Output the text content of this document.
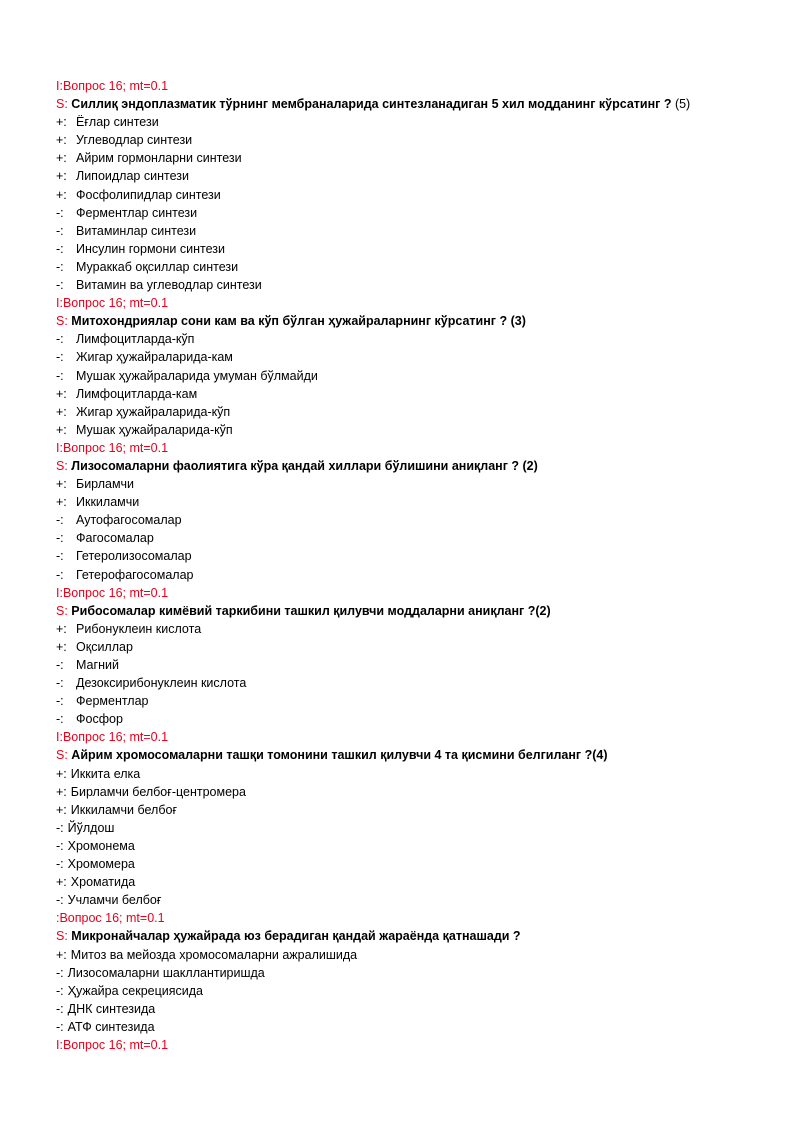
I:Вопрос 16; mt=0.1
S: Силлиқ эндоплазматик тўрнинг мембраналарида синтезланадиган 5 хил модданинг кўрсатинг ? (5)
+: Ёғлар синтези
+: Углеводлар синтези
+: Айрим гормонларни синтези
+: Липоидлар синтези
+: Фосфолипидлар синтези
-: Ферментлар синтези
-: Витаминлар синтези
-: Инсулин гормони синтези
-: Мураккаб оқсиллар синтези
-: Витамин ва углеводлар синтези
I:Вопрос 16; mt=0.1
S: Митохондриялар сони кам ва кўп бўлган ҳужайраларнинг кўрсатинг ? (3)
-: Лимфоцитларда-кўп
-: Жигар ҳужайраларида-кам
-: Мушак ҳужайраларида умуман бўлмайди
+: Лимфоцитларда-кам
+: Жигар ҳужайраларида-кўп
+: Мушак ҳужайраларида-кўп
I:Вопрос 16; mt=0.1
S: Лизосомаларни фаолиятига кўра қандай хиллари бўлишини аниқланг ? (2)
+: Бирламчи
+: Иккиламчи
-: Аутофагосомалар
-: Фагосомалар
-: Гетеролизосомалар
-: Гетерофагосомалар
I:Вопрос 16; mt=0.1
S: Рибосомалар кимёвий таркибини ташкил қилувчи моддаларни аниқланг ?(2)
+: Рибонуклеин кислота
+: Оқсиллар
-: Магний
-: Дезоксирибонуклеин кислота
-: Ферментлар
-: Фосфор
I:Вопрос 16; mt=0.1
S: Айрим хромосомаларни ташқи томонини ташкил қилувчи 4 та қисмини белгиланг ?(4)
+: Иккита елка
+: Бирламчи белбоғ-центромера
+: Иккиламчи белбоғ
-: Йўлдош
-: Хромонема
-: Хромомера
+: Хроматида
-: Учламчи белбоғ
:Вопрос 16; mt=0.1
S: Микронайчалар ҳужайрада юз берадиган қандай жараёнда қатнашади ?
+: Митоз ва мейозда хромосомаларни ажралишида
-: Лизосомаларни шакллантиришда
-: Ҳужайра секрециясида
-: ДНК синтезида
-: АТФ синтезида
I:Вопрос 16; mt=0.1
